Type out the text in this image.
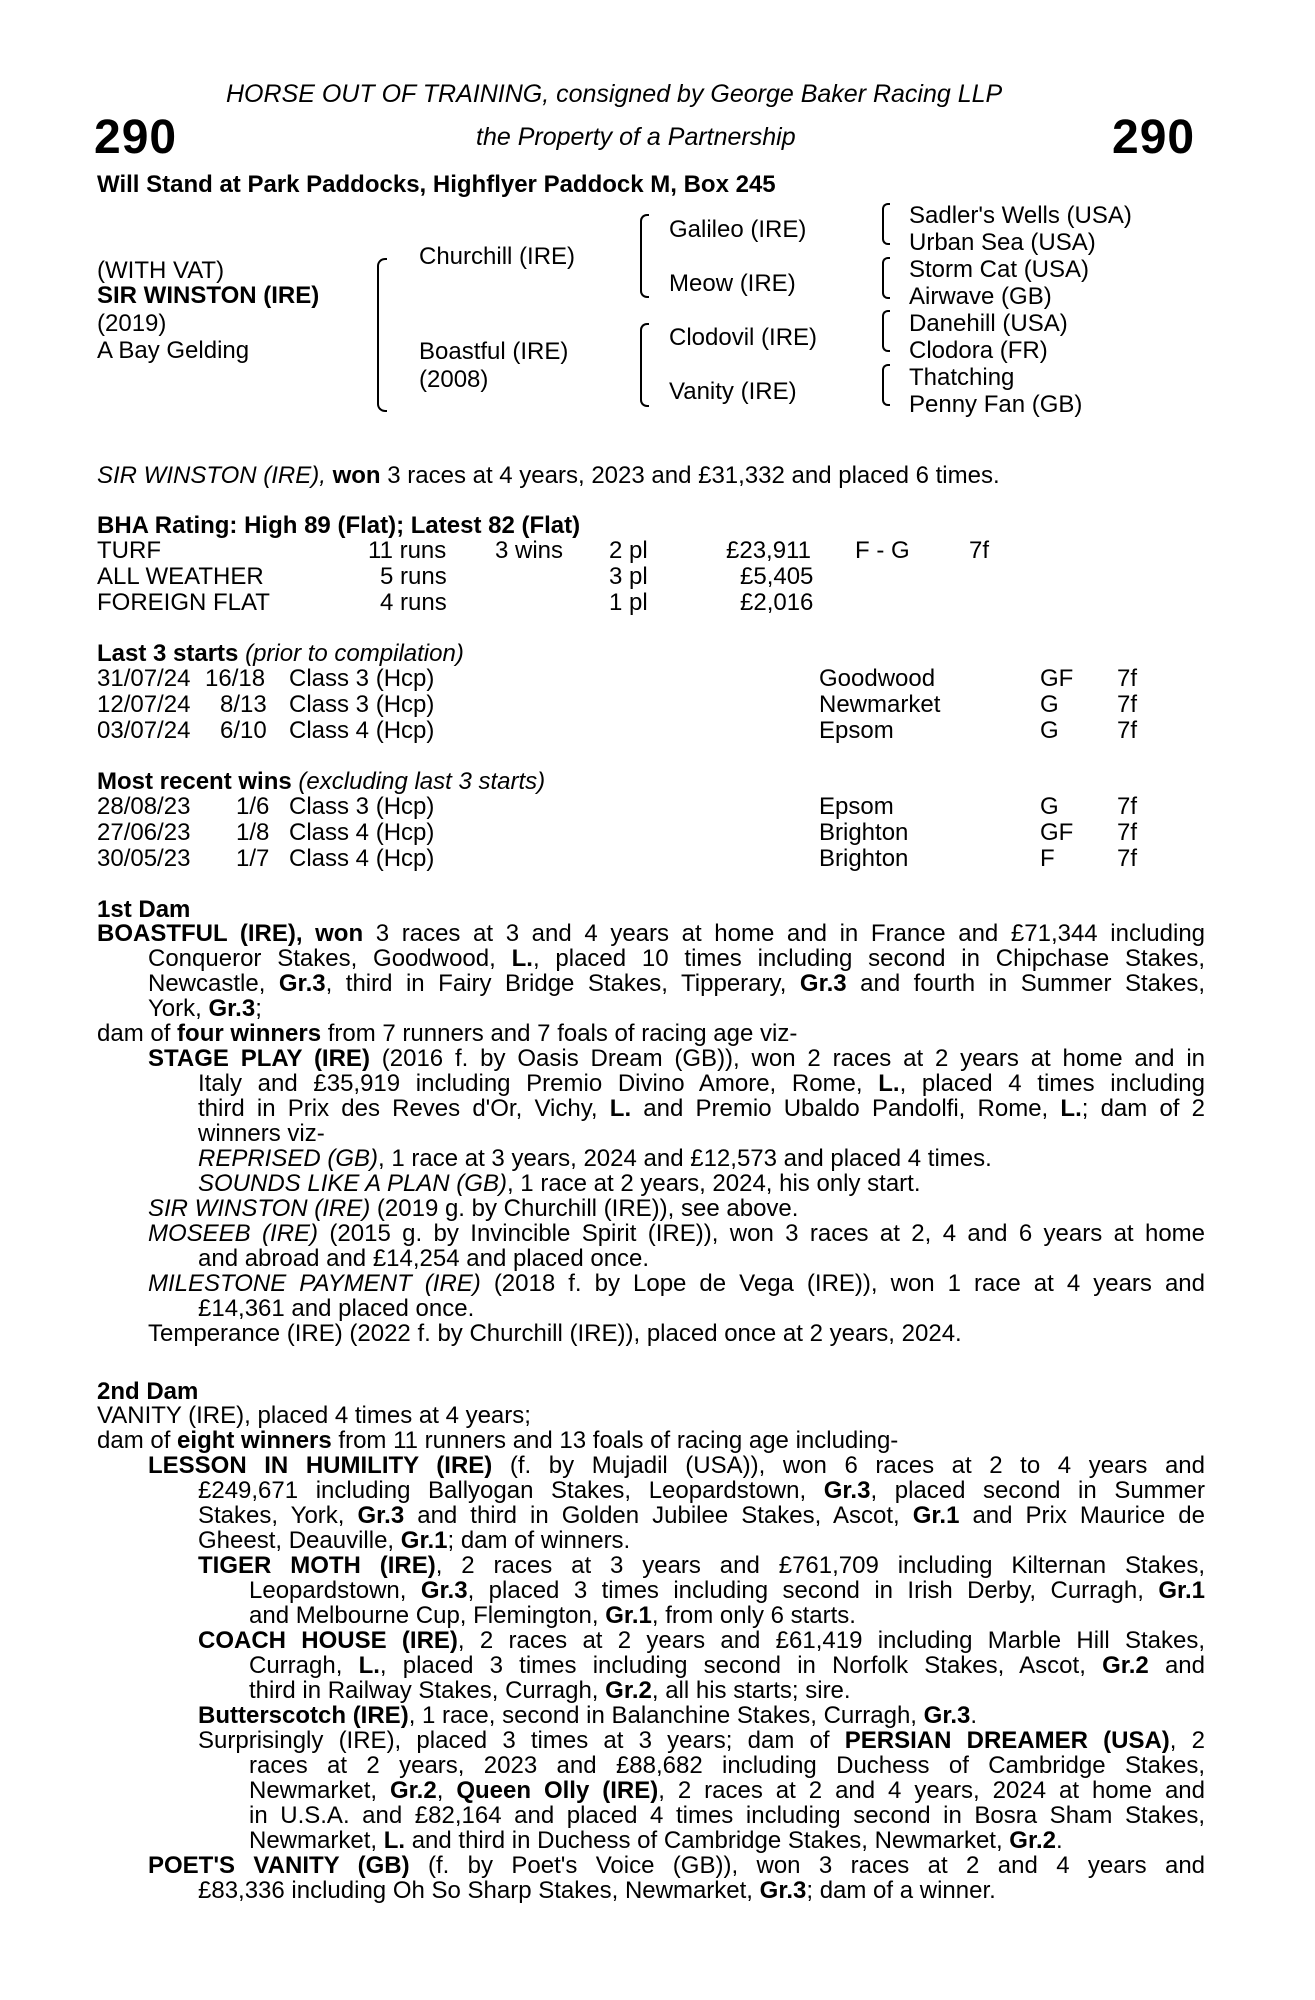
HORSE OUT OF TRAINING, consigned by George Baker Racing LLP
290	the Property of a Partnership	290
Will Stand at Park Paddocks, Highflyer Paddock M, Box 245
(WITH VAT)
SIR WINSTON (IRE)
(2019)
A Bay Gelding
Churchill (IRE)
Boastful (IRE)
(2008)
Galileo (IRE)
Meow (IRE)
Clodovil (IRE)
Vanity (IRE)
Sadler's Wells (USA)
Urban Sea (USA)
Storm Cat (USA)
Airwave (GB)
Danehill (USA)
Clodora (FR)
Thatching
Penny Fan (GB)
SIR WINSTON (IRE), won 3 races at 4 years, 2023 and £31,332 and placed 6 times.
BHA Rating: High 89 (Flat); Latest 82 (Flat)
TURF	11 runs 3 wins 2 pl	£23,911 F - G 7f
ALL WEATHER	5 runs	3 pl	£5,405
FOREIGN FLAT	4 runs	1 pl	£2,016
Last 3 starts (prior to compilation)
31/07/24 16/18 Class 3 (Hcp)	Goodwood	GF 7f
12/07/24 8/13 Class 3 (Hcp)	Newmarket	G 7f
03/07/24 6/10 Class 4 (Hcp)	Epsom	G 7f
Most recent wins (excluding last 3 starts)
28/08/23 1/6 Class 3 (Hcp)	Epsom	G 7f
27/06/23 1/8 Class 4 (Hcp)	Brighton	GF 7f
30/05/23 1/7 Class 4 (Hcp)	Brighton	F	7f
1st Dam
BOASTFUL (IRE), won 3 races at 3 and 4 years at home and in France and £71,344 including
Conqueror Stakes, Goodwood, L., placed 10 times including second in Chipchase Stakes,
Newcastle, Gr.3, third in Fairy Bridge Stakes, Tipperary, Gr.3 and fourth in Summer Stakes,
York, Gr.3;
dam of four winners from 7 runners and 7 foals of racing age viz-
STAGE PLAY (IRE) (2016 f. by Oasis Dream (GB)), won 2 races at 2 years at home and in
Italy and £35,919 including Premio Divino Amore, Rome, L., placed 4 times including
third in Prix des Reves d'Or, Vichy, L. and Premio Ubaldo Pandolfi, Rome, L.; dam of 2
winners viz-
REPRISED (GB), 1 race at 3 years, 2024 and £12,573 and placed 4 times.
SOUNDS LIKE A PLAN (GB), 1 race at 2 years, 2024, his only start.
SIR WINSTON (IRE) (2019 g. by Churchill (IRE)), see above.
MOSEEB (IRE) (2015 g. by Invincible Spirit (IRE)), won 3 races at 2, 4 and 6 years at home
and abroad and £14,254 and placed once.
MILESTONE PAYMENT (IRE) (2018 f. by Lope de Vega (IRE)), won 1 race at 4 years and
£14,361 and placed once.
Temperance (IRE) (2022 f. by Churchill (IRE)), placed once at 2 years, 2024.
2nd Dam
VANITY (IRE), placed 4 times at 4 years;
dam of eight winners from 11 runners and 13 foals of racing age including-
LESSON IN HUMILITY (IRE) (f. by Mujadil (USA)), won 6 races at 2 to 4 years and
£249,671 including Ballyogan Stakes, Leopardstown, Gr.3, placed second in Summer
Stakes, York, Gr.3 and third in Golden Jubilee Stakes, Ascot, Gr.1 and Prix Maurice de
Gheest, Deauville, Gr.1; dam of winners.
TIGER MOTH (IRE), 2 races at 3 years and £761,709 including Kilternan Stakes,
Leopardstown, Gr.3, placed 3 times including second in Irish Derby, Curragh, Gr.1
and Melbourne Cup, Flemington, Gr.1, from only 6 starts.
COACH HOUSE (IRE), 2 races at 2 years and £61,419 including Marble Hill Stakes,
Curragh, L., placed 3 times including second in Norfolk Stakes, Ascot, Gr.2 and
third in Railway Stakes, Curragh, Gr.2, all his starts; sire.
Butterscotch (IRE), 1 race, second in Balanchine Stakes, Curragh, Gr.3.
Surprisingly (IRE), placed 3 times at 3 years; dam of PERSIAN DREAMER (USA), 2
races at 2 years, 2023 and £88,682 including Duchess of Cambridge Stakes,
Newmarket, Gr.2, Queen Olly (IRE), 2 races at 2 and 4 years, 2024 at home and
in U.S.A. and £82,164 and placed 4 times including second in Bosra Sham Stakes,
Newmarket, L. and third in Duchess of Cambridge Stakes, Newmarket, Gr.2.
POET'S VANITY (GB) (f. by Poet's Voice (GB)), won 3 races at 2 and 4 years and
£83,336 including Oh So Sharp Stakes, Newmarket, Gr.3; dam of a winner.
